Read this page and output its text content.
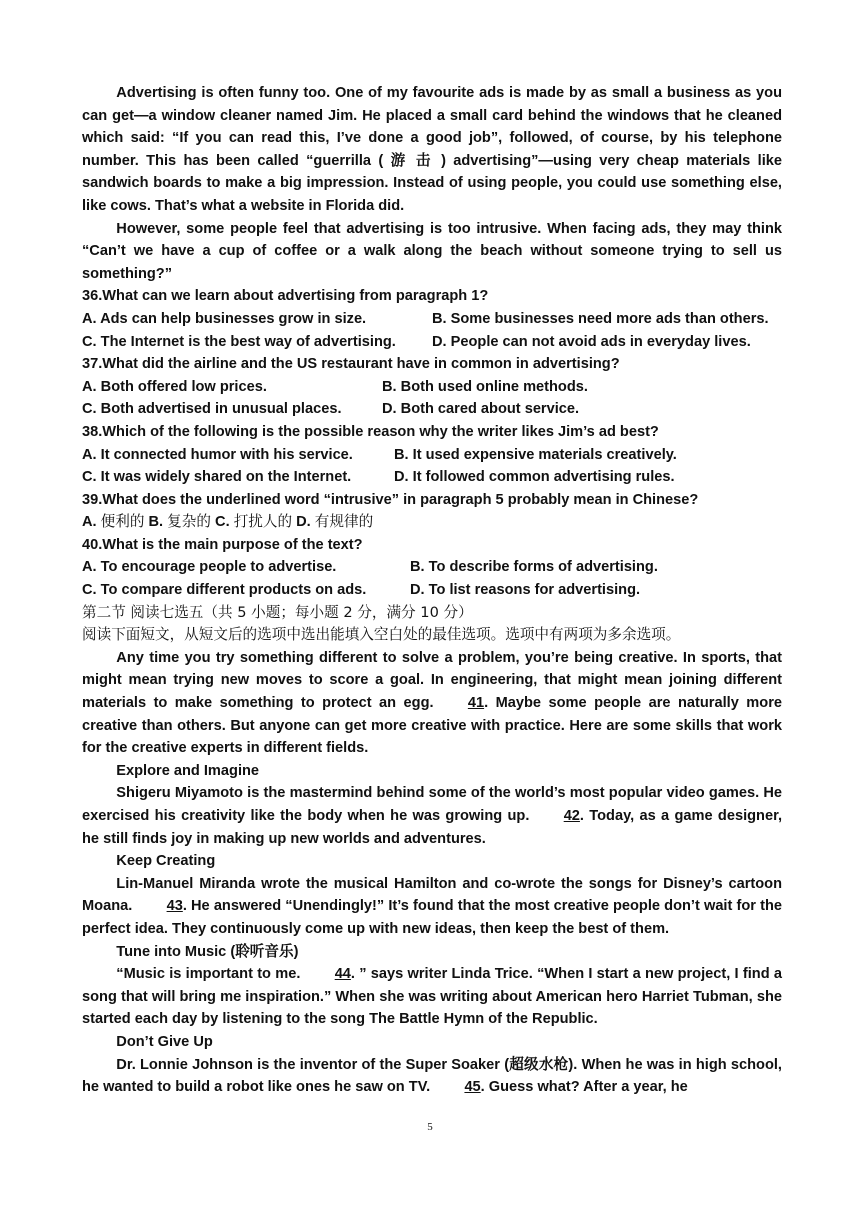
Advertising is often funny too. One of my favourite ads is made by as small a business as you can get—a window cleaner named Jim. He placed a small card behind the windows that he cleaned which said: “If you can read this, I’ve done a good job”, followed, of course, by his telephone number. This has been called “guerrilla ( 游 击 ) advertising”—using very cheap materials like sandwich boards to make a big impression. Instead of using people, you could use something else, like cows. That’s what a website in Florida did.

However, some people feel that advertising is too intrusive. When facing ads, they may think “Can’t we have a cup of coffee or a walk along the beach without someone trying to sell us something?”

36.What can we learn about advertising from paragraph 1?

A. Ads can help businesses grow in size.	B. Some businesses need more ads than others.
C. The Internet is the best way of advertising.	D. People can not avoid ads in everyday lives.

37.What did the airline and the US restaurant have in common in advertising?

A. Both offered low prices.	B. Both used online methods.
C. Both advertised in unusual places.	D. Both cared about service.

38.Which of the following is the possible reason why the writer likes Jim’s ad best?

A. It connected humor with his service.	B. It used expensive materials creatively.
C. It was widely shared on the Internet.	D. It followed common advertising rules.

39.What does the underlined word “intrusive” in paragraph 5 probably mean in Chinese?

A. 便利的 B. 复杂的 C. 打扰人的 D. 有规律的

40.What is the main purpose of the text?

A. To encourage people to advertise.	B. To describe forms of advertising.
C. To compare different products on ads.	D. To list reasons for advertising.

第二节 阅读七选五（共 5 小题；每小题 2 分，满分 10 分）

阅读下面短文，从短文后的选项中选出能填入空白处的最佳选项。选项中有两项为多余选项。

Any time you try something different to solve a problem, you’re being creative. In sports, that might mean trying new moves to score a goal. In engineering, that might mean joining different materials to make something to protect an egg. 41. Maybe some people are naturally more creative than others. But anyone can get more creative with practice. Here are some skills that work for the creative experts in different fields.

Explore and Imagine

Shigeru Miyamoto is the mastermind behind some of the world’s most popular video games. He exercised his creativity like the body when he was growing up. 42. Today, as a game designer, he still finds joy in making up new worlds and adventures.

Keep Creating

Lin-Manuel Miranda wrote the musical Hamilton and co-wrote the songs for Disney’s cartoon Moana. 43. He answered “Unendingly!” It’s found that the most creative people don’t wait for the perfect idea. They continuously come up with new ideas, then keep the best of them.

Tune into Music (聆听音乐)

“Music is important to me. 44. ” says writer Linda Trice. “When I start a new project, I find a song that will bring me inspiration.” When she was writing about American hero Harriet Tubman, she started each day by listening to the song The Battle Hymn of the Republic.

Don’t Give Up

Dr. Lonnie Johnson is the inventor of the Super Soaker (超级水枪). When he was in high school, he wanted to build a robot like ones he saw on TV. 45. Guess what? After a year, he

5
